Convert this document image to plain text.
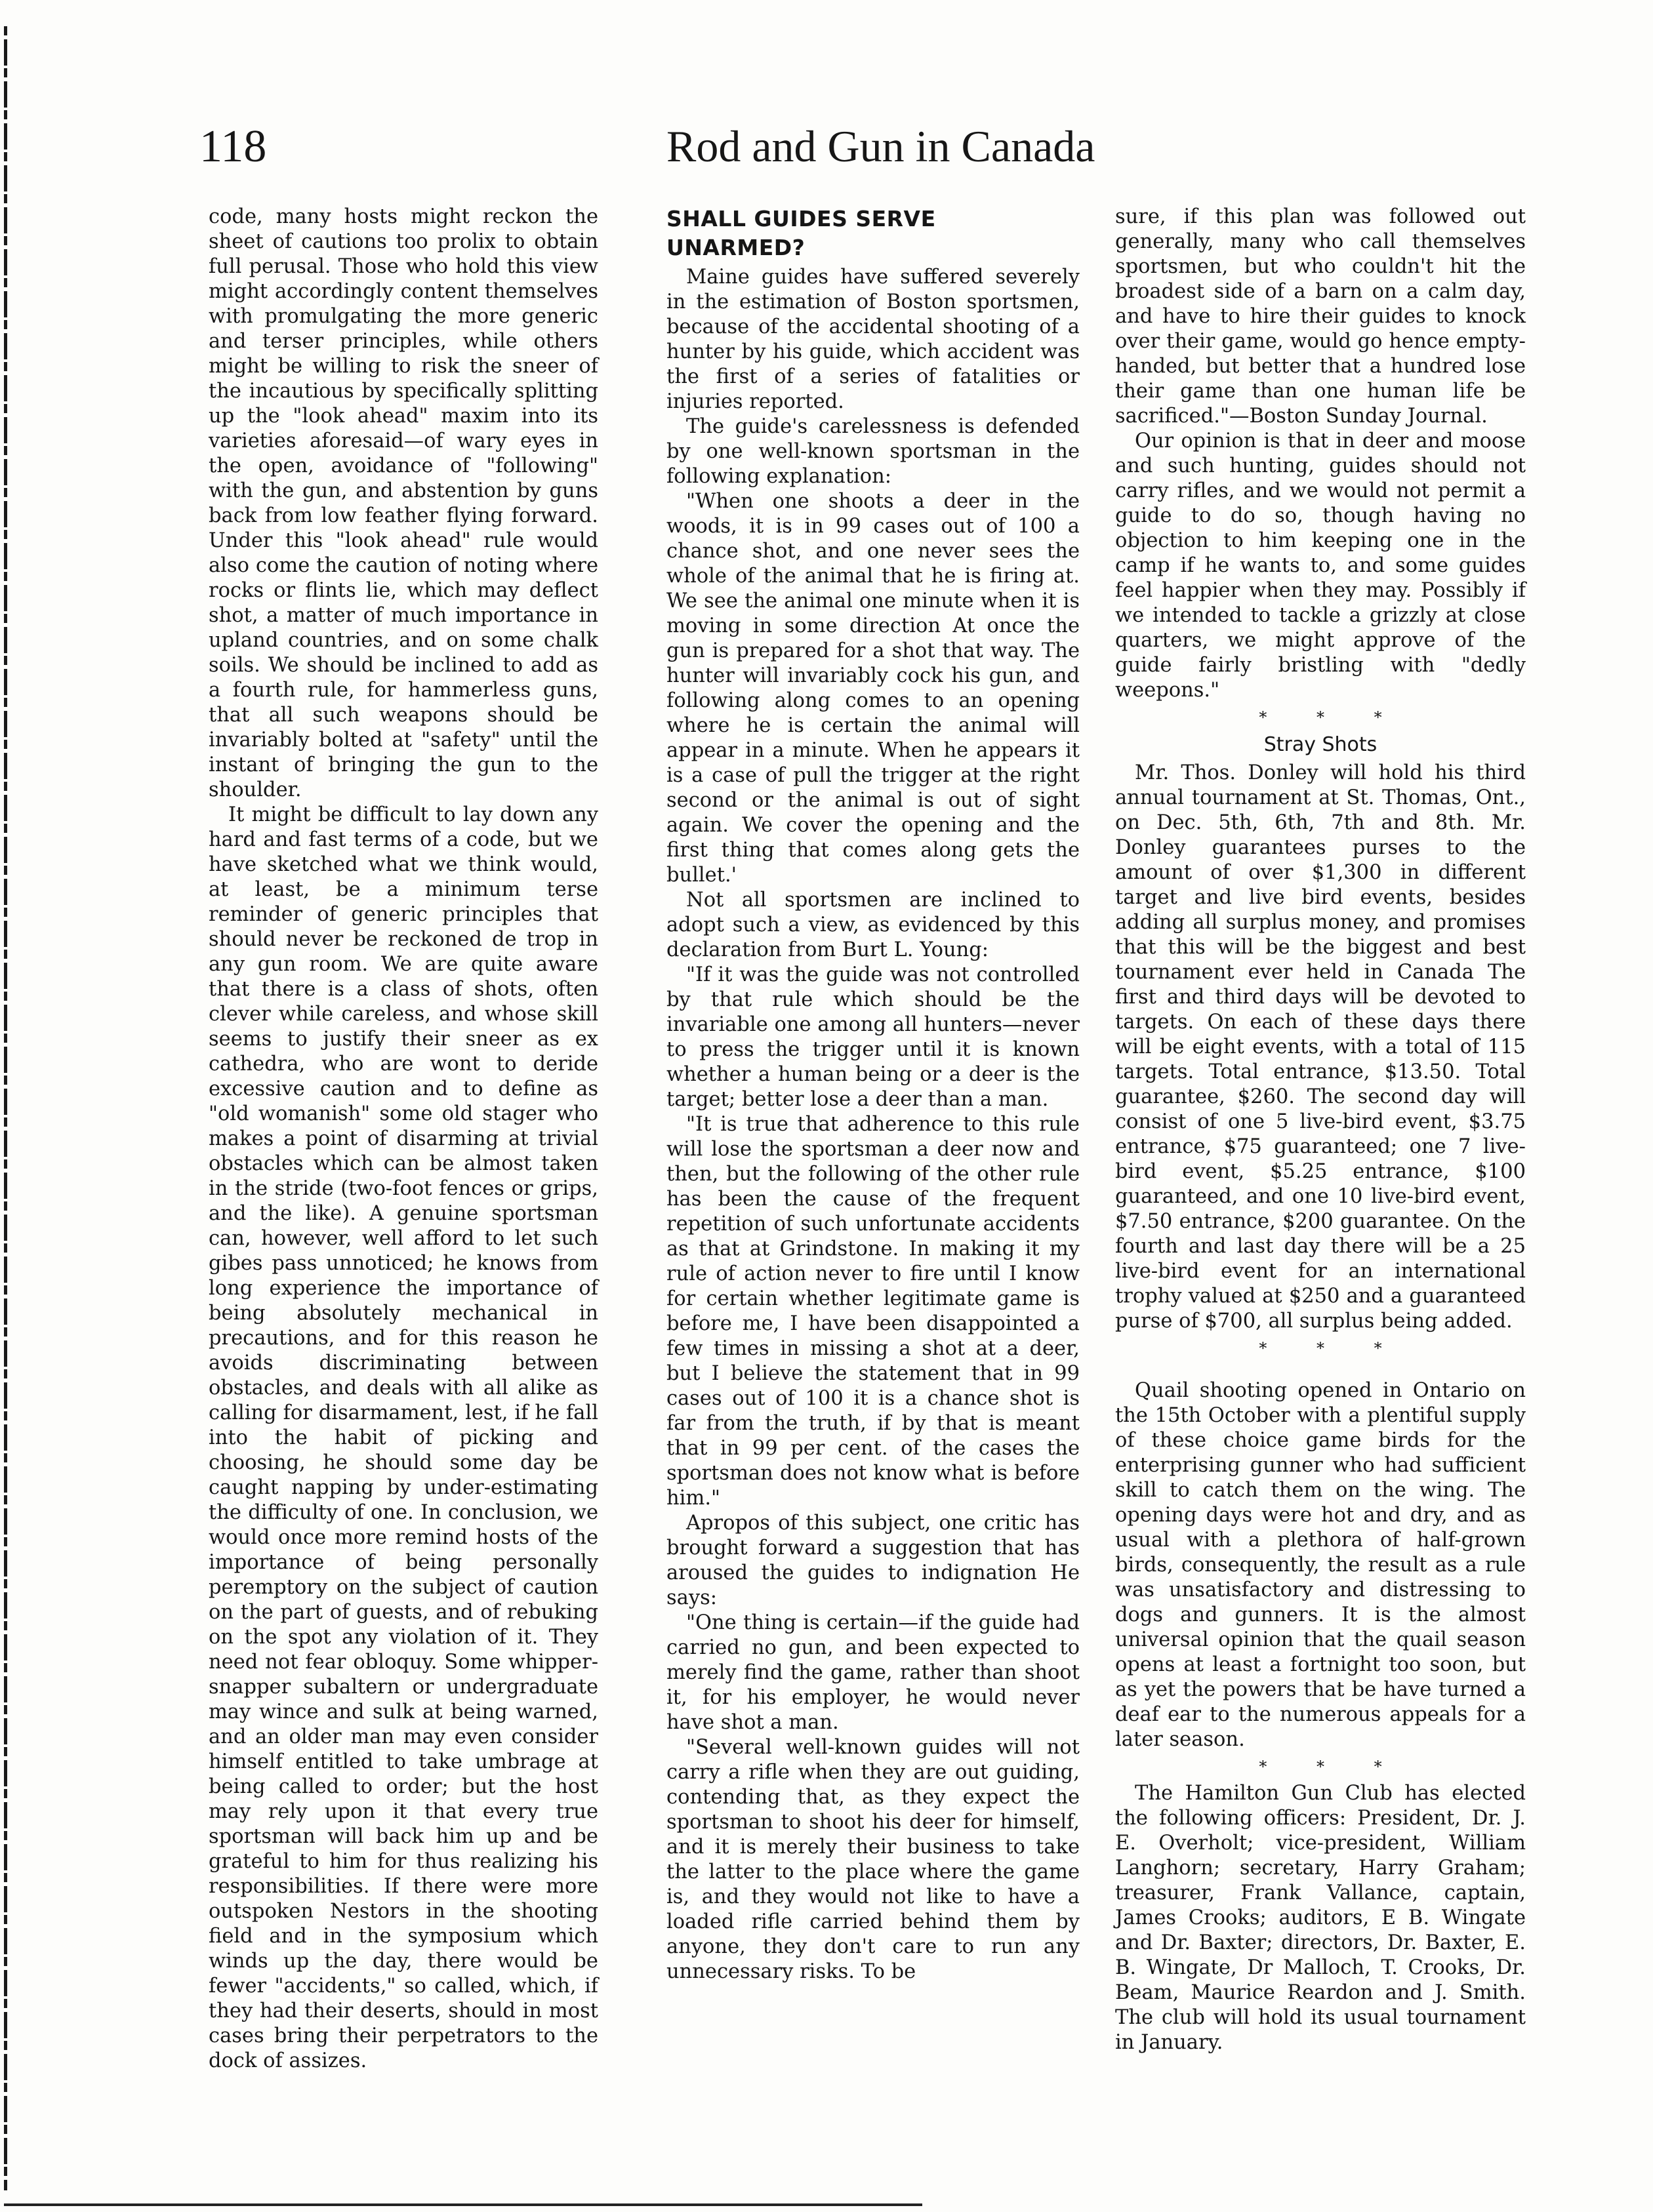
118	Rod and Gun in Canada

code, many hosts might reckon the sheet of cautions too prolix to obtain full perusal. Those who hold this view might accordingly content themselves with promulgating the more generic and terser principles, while others might be willing to risk the sneer of the incautious by specifically splitting up the "look ahead" maxim into its varieties aforesaid—of wary eyes in the open, avoidance of "following" with the gun, and abstention by guns back from low feather flying forward. Under this "look ahead" rule would also come the caution of noting where rocks or flints lie, which may deflect shot, a matter of much importance in upland countries, and on some chalk soils. We should be inclined to add as a fourth rule, for hammerless guns, that all such weapons should be invariably bolted at "safety" until the instant of bringing the gun to the shoulder.

It might be difficult to lay down any hard and fast terms of a code, but we have sketched what we think would, at least, be a minimum terse reminder of generic principles that should never be reckoned de trop in any gun room. We are quite aware that there is a class of shots, often clever while careless, and whose skill seems to justify their sneer as ex cathedra, who are wont to deride excessive caution and to define as "old womanish" some old stager who makes a point of disarming at trivial obstacles which can be almost taken in the stride (two-foot fences or grips, and the like). A genuine sportsman can, however, well afford to let such gibes pass unnoticed; he knows from long experience the importance of being absolutely mechanical in precautions, and for this reason he avoids discriminating between obstacles, and deals with all alike as calling for disarmament, lest, if he fall into the habit of picking and choosing, he should some day be caught napping by under-estimating the difficulty of one. In conclusion, we would once more remind hosts of the importance of being personally peremptory on the subject of caution on the part of guests, and of rebuking on the spot any violation of it. They need not fear obloquy. Some whipper-snapper subaltern or undergraduate may wince and sulk at being warned, and an older man may even consider himself entitled to take umbrage at being called to order; but the host may rely upon it that every true sportsman will back him up and be grateful to him for thus realizing his responsibilities. If there were more outspoken Nestors in the shooting field and in the symposium which winds up the day, there would be fewer "accidents," so called, which, if they had their deserts, should in most cases bring their perpetrators to the dock of assizes.

SHALL GUIDES SERVE UNARMED?

Maine guides have suffered severely in the estimation of Boston sportsmen, because of the accidental shooting of a hunter by his guide, which accident was the first of a series of fatalities or injuries reported.

The guide's carelessness is defended by one well-known sportsman in the following explanation:

"When one shoots a deer in the woods, it is in 99 cases out of 100 a chance shot, and one never sees the whole of the animal that he is firing at. We see the animal one minute when it is moving in some direction At once the gun is prepared for a shot that way. The hunter will invariably cock his gun, and following along comes to an opening where he is certain the animal will appear in a minute. When he appears it is a case of pull the trigger at the right second or the animal is out of sight again. We cover the opening and the first thing that comes along gets the bullet.'

Not all sportsmen are inclined to adopt such a view, as evidenced by this declaration from Burt L. Young:

"If it was the guide was not controlled by that rule which should be the invariable one among all hunters—never to press the trigger until it is known whether a human being or a deer is the target; better lose a deer than a man.

"It is true that adherence to this rule will lose the sportsman a deer now and then, but the following of the other rule has been the cause of the frequent repetition of such unfortunate accidents as that at Grindstone. In making it my rule of action never to fire until I know for certain whether legitimate game is before me, I have been disappointed a few times in missing a shot at a deer, but I believe the statement that in 99 cases out of 100 it is a chance shot is far from the truth, if by that is meant that in 99 per cent. of the cases the sportsman does not know what is before him."

Apropos of this subject, one critic has brought forward a suggestion that has aroused the guides to indignation He says:

"One thing is certain—if the guide had carried no gun, and been expected to merely find the game, rather than shoot it, for his employer, he would never have shot a man.

"Several well-known guides will not carry a rifle when they are out guiding, contending that, as they expect the sportsman to shoot his deer for himself, and it is merely their business to take the latter to the place where the game is, and they would not like to have a loaded rifle carried behind them by anyone, they don't care to run any unnecessary risks. To be

sure, if this plan was followed out generally, many who call themselves sportsmen, but who couldn't hit the broadest side of a barn on a calm day, and have to hire their guides to knock over their game, would go hence empty-handed, but better that a hundred lose their game than one human life be sacrificed."—Boston Sunday Journal.

Our opinion is that in deer and moose and such hunting, guides should not carry rifles, and we would not permit a guide to do so, though having no objection to him keeping one in the camp if he wants to, and some guides feel happier when they may. Possibly if we intended to tackle a grizzly at close quarters, we might approve of the guide fairly bristling with "dedly weepons."

* * *
Stray Shots

Mr. Thos. Donley will hold his third annual tournament at St. Thomas, Ont., on Dec. 5th, 6th, 7th and 8th. Mr. Donley guarantees purses to the amount of over $1,300 in different target and live bird events, besides adding all surplus money, and promises that this will be the biggest and best tournament ever held in Canada The first and third days will be devoted to targets. On each of these days there will be eight events, with a total of 115 targets. Total entrance, $13.50. Total guarantee, $260. The second day will consist of one 5 live-bird event, $3.75 entrance, $75 guaranteed; one 7 live-bird event, $5.25 entrance, $100 guaranteed, and one 10 live-bird event, $7.50 entrance, $200 guarantee. On the fourth and last day there will be a 25 live-bird event for an international trophy valued at $250 and a guaranteed purse of $700, all surplus being added.

* * *

Quail shooting opened in Ontario on the 15th October with a plentiful supply of these choice game birds for the enterprising gunner who had sufficient skill to catch them on the wing. The opening days were hot and dry, and as usual with a plethora of half-grown birds, consequently, the result as a rule was unsatisfactory and distressing to dogs and gunners. It is the almost universal opinion that the quail season opens at least a fortnight too soon, but as yet the powers that be have turned a deaf ear to the numerous appeals for a later season.

* * *

The Hamilton Gun Club has elected the following officers: President, Dr. J. E. Overholt; vice-president, William Langhorn; secretary, Harry Graham; treasurer, Frank Vallance, captain, James Crooks; auditors, E B. Wingate and Dr. Baxter; directors, Dr. Baxter, E. B. Wingate, Dr Malloch, T. Crooks, Dr. Beam, Maurice Reardon and J. Smith. The club will hold its usual tournament in January.
